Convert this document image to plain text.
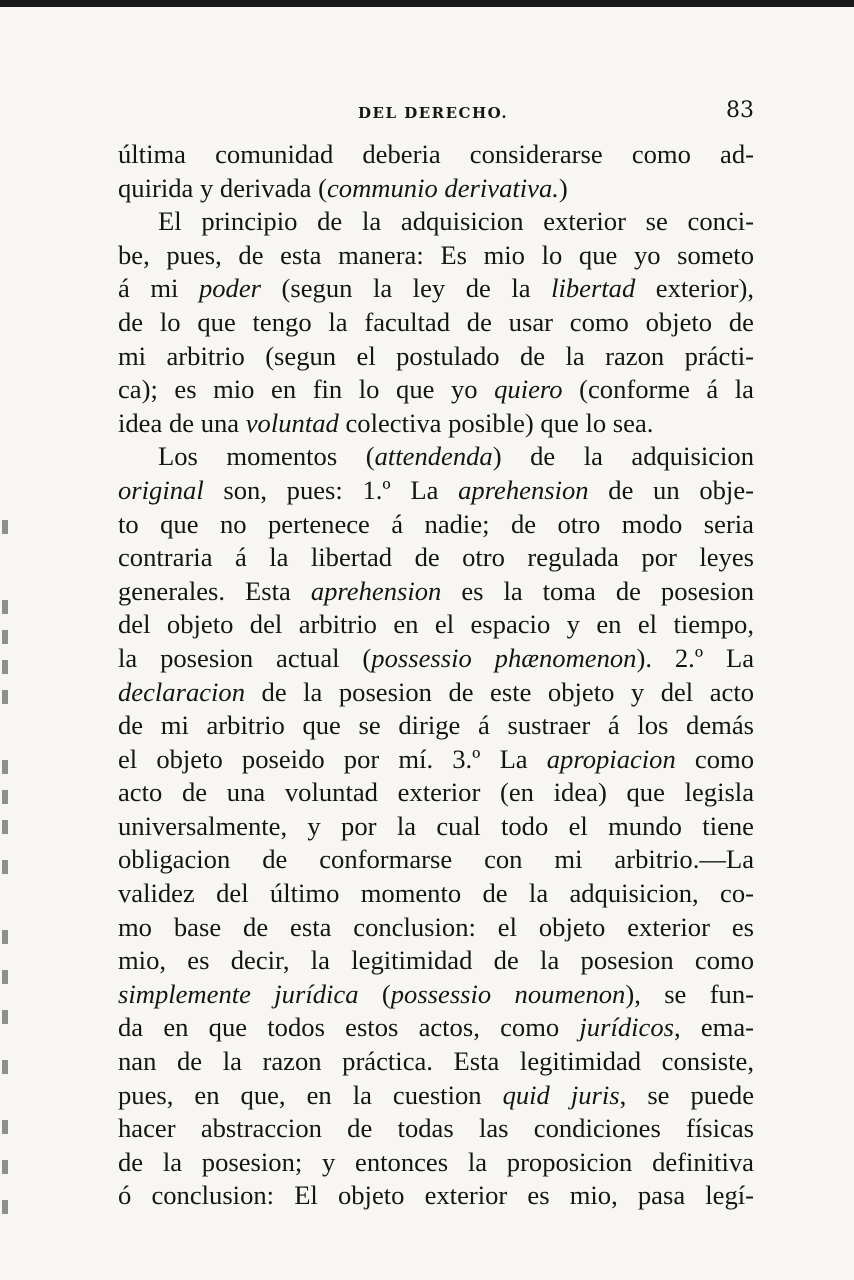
DEL DERECHO.	83
última comunidad deberia considerarse como ad-
quirida y derivada (communio derivativa.)
El principio de la adquisicion exterior se conci-
be, pues, de esta manera: Es mio lo que yo someto
á mi poder (segun la ley de la libertad exterior),
de lo que tengo la facultad de usar como objeto de
mi arbitrio (segun el postulado de la razon prácti-
ca); es mio en fin lo que yo quiero (conforme á la
idea de una voluntad colectiva posible) que lo sea.
Los momentos (attendenda) de la adquisicion
original son, pues: 1.º La aprehension de un obje-
to que no pertenece á nadie; de otro modo seria
contraria á la libertad de otro regulada por leyes
generales. Esta aprehension es la toma de posesion
del objeto del arbitrio en el espacio y en el tiempo,
la posesion actual (possessio phænomenon). 2.º La
declaracion de la posesion de este objeto y del acto
de mi arbitrio que se dirige á sustraer á los demás
el objeto poseido por mí. 3.º La apropiacion como
acto de una voluntad exterior (en idea) que legisla
universalmente, y por la cual todo el mundo tiene
obligacion de conformarse con mi arbitrio.—La
validez del último momento de la adquisicion, co-
mo base de esta conclusion: el objeto exterior es
mio, es decir, la legitimidad de la posesion como
simplemente jurídica (possessio noumenon), se fun-
da en que todos estos actos, como jurídicos, ema-
nan de la razon práctica. Esta legitimidad consiste,
pues, en que, en la cuestion quid juris, se puede
hacer abstraccion de todas las condiciones físicas
de la posesion; y entonces la proposicion definitiva
ó conclusion: El objeto exterior es mio, pasa legí-
